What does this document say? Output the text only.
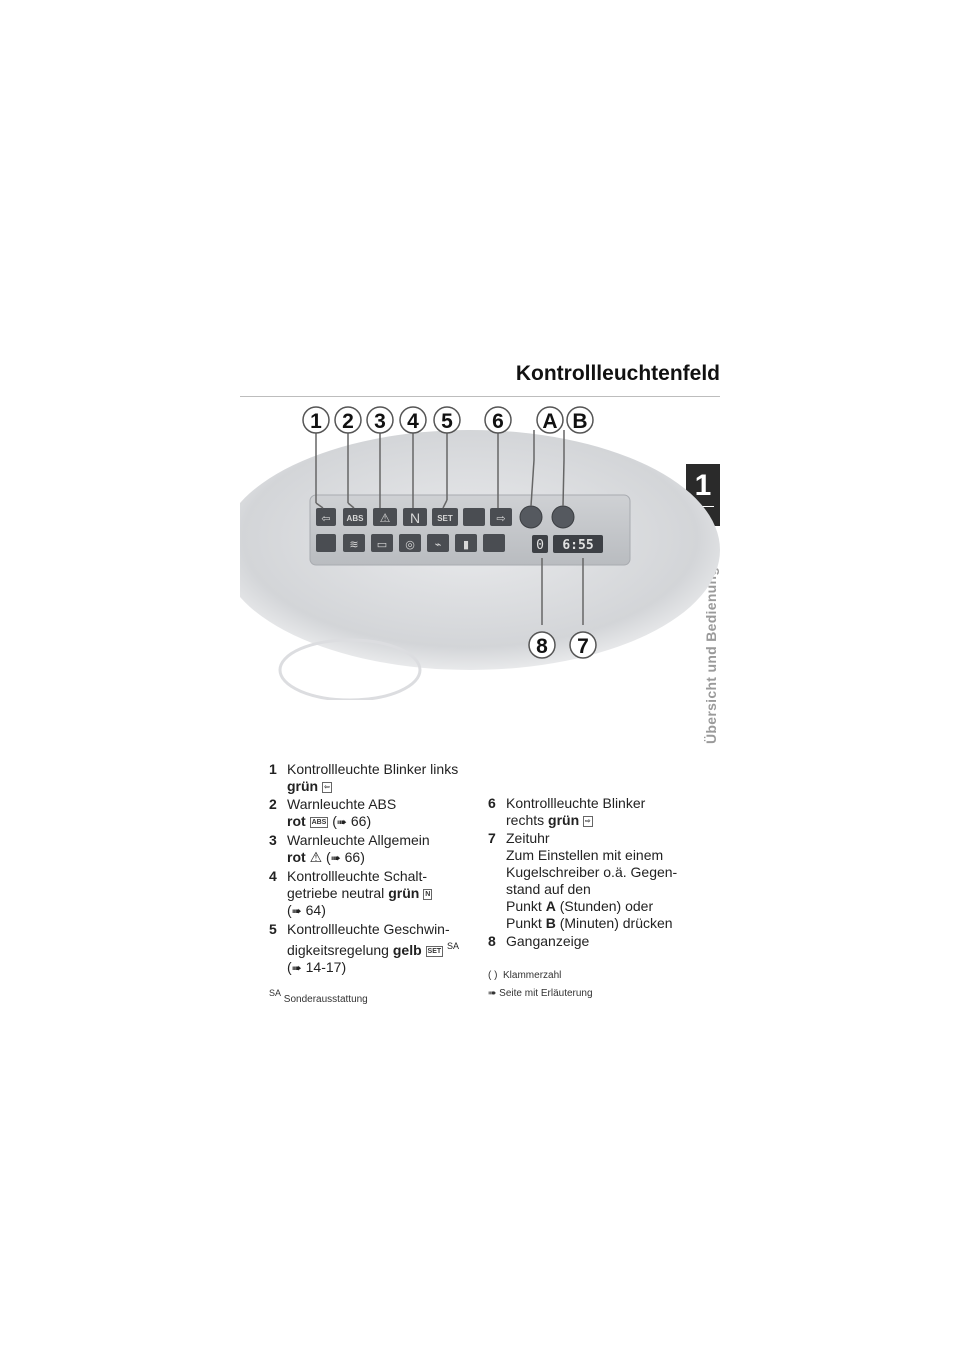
Kontrollleuchtenfeld
1
Übersicht und Bedienung
⇦ ABS ⚠ N SET	⇨
≋ ▭ ◎ ⌁ ▮	0 6:55
1 2 3 4 5 6 A B
8 7
1 Kontrollleuchte Blinker links
grün ⇦
2 Warnleuchte ABS
rot ABS (➠ 66)
3 Warnleuchte Allgemein
rot ⚠ (➠ 66)
4 Kontrollleuchte Schalt-
getriebe neutral grün N
(➠ 64)
5 Kontrollleuchte Geschwin-
digkeitsregelung gelb SET $^{SA}$
(➠ 14-17)
6 Kontrollleuchte Blinker
rechts grün ⇨
7 Zeituhr
Zum Einstellen mit einem
Kugelschreiber o.ä. Gegen-
stand auf den
Punkt A (Stunden) oder
Punkt B (Minuten) drücken
8 Ganganzeige
SA Sonderausstattung
( ) Klammerzahl
➠ Seite mit Erläuterung
